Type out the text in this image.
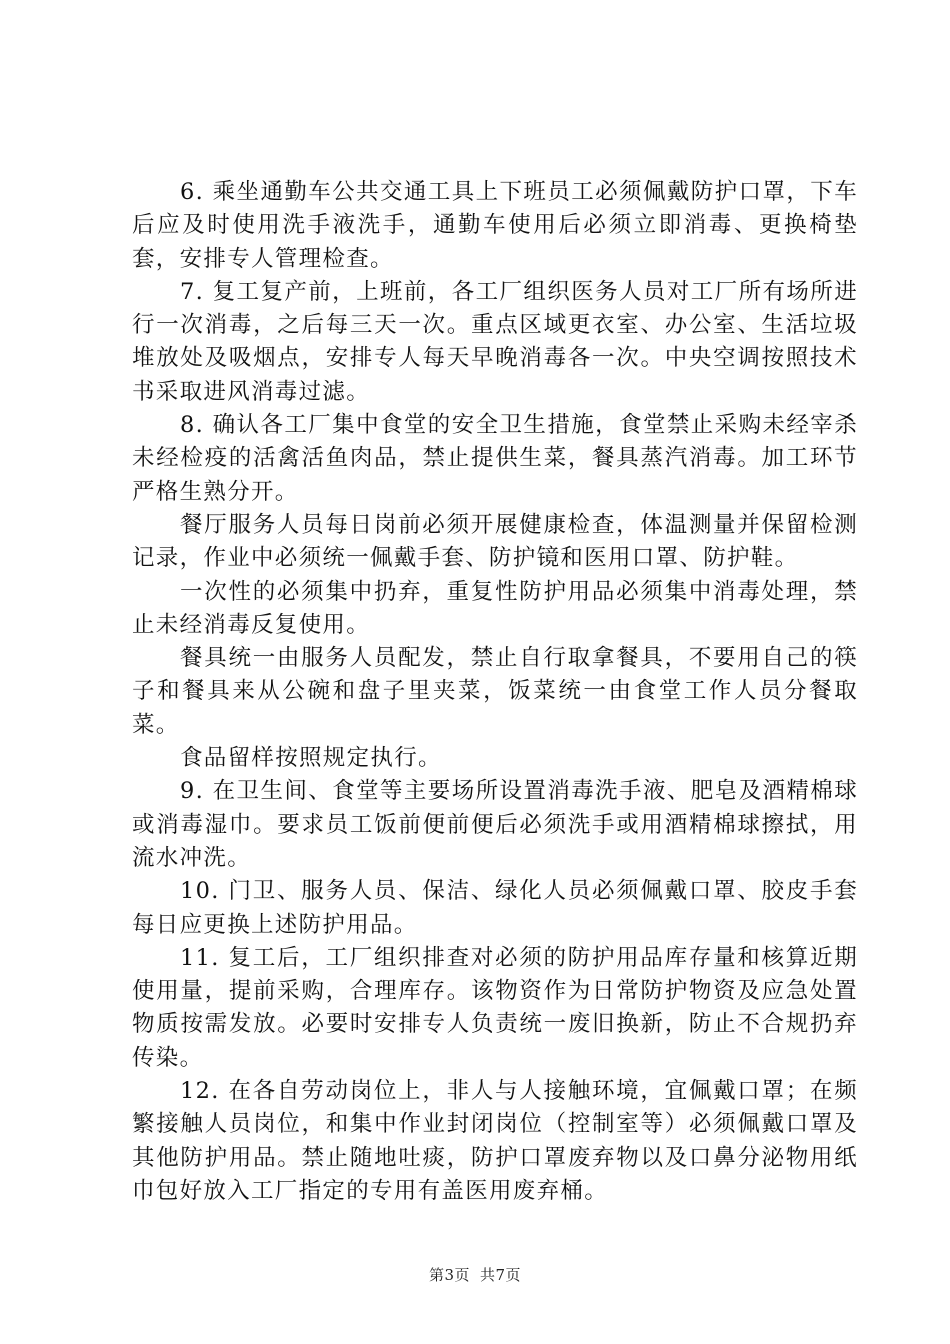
6. 乘坐通勤车公共交通工具上下班员工必须佩戴防护口罩，下车后应及时使用洗手液洗手，通勤车使用后必须立即消毒、更换椅垫套，安排专人管理检查。

7. 复工复产前，上班前，各工厂组织医务人员对工厂所有场所进行一次消毒，之后每三天一次。重点区域更衣室、办公室、生活垃圾堆放处及吸烟点，安排专人每天早晚消毒各一次。中央空调按照技术书采取进风消毒过滤。

8. 确认各工厂集中食堂的安全卫生措施，食堂禁止采购未经宰杀未经检疫的活禽活鱼肉品，禁止提供生菜，餐具蒸汽消毒。加工环节严格生熟分开。

餐厅服务人员每日岗前必须开展健康检查，体温测量并保留检测记录，作业中必须统一佩戴手套、防护镜和医用口罩、防护鞋。

一次性的必须集中扔弃，重复性防护用品必须集中消毒处理，禁止未经消毒反复使用。

餐具统一由服务人员配发，禁止自行取拿餐具，不要用自己的筷子和餐具来从公碗和盘子里夹菜，饭菜统一由食堂工作人员分餐取菜。

食品留样按照规定执行。

9. 在卫生间、食堂等主要场所设置消毒洗手液、肥皂及酒精棉球或消毒湿巾。要求员工饭前便前便后必须洗手或用酒精棉球擦拭，用流水冲洗。

10. 门卫、服务人员、保洁、绿化人员必须佩戴口罩、胶皮手套每日应更换上述防护用品。

11. 复工后，工厂组织排查对必须的防护用品库存量和核算近期使用量，提前采购，合理库存。该物资作为日常防护物资及应急处置物质按需发放。必要时安排专人负责统一废旧换新，防止不合规扔弃传染。

12. 在各自劳动岗位上，非人与人接触环境，宜佩戴口罩；在频繁接触人员岗位，和集中作业封闭岗位（控制室等）必须佩戴口罩及其他防护用品。禁止随地吐痰，防护口罩废弃物以及口鼻分泌物用纸巾包好放入工厂指定的专用有盖医用废弃桶。

第3页 共7页
